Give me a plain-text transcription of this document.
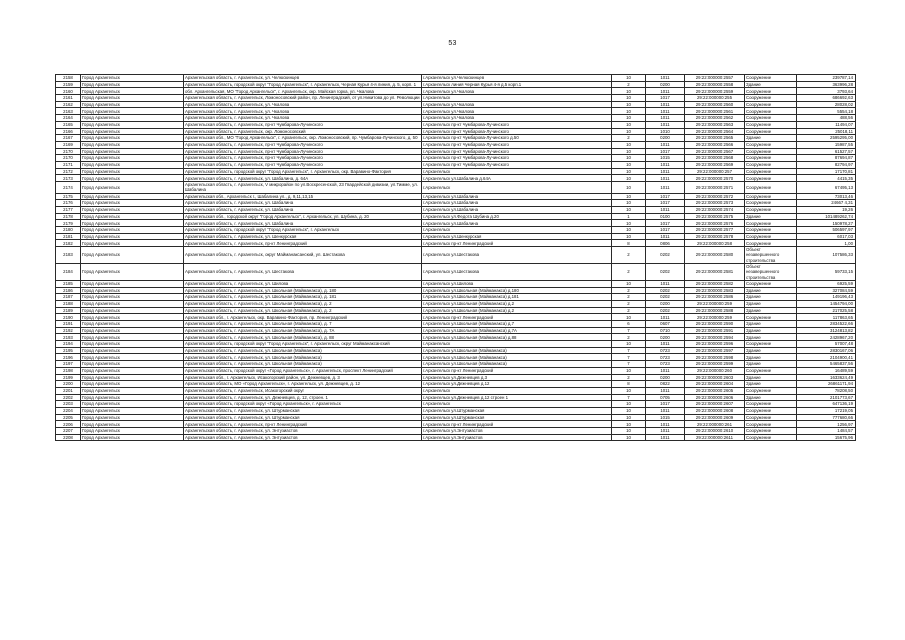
53
2158	Город Архангельск	Архангельская область, г. Архангельск, ул. Челюскинцев	г.Архангельск ул.Челюскинцев	10	1011	29:22:000000:2557	Сооружение	239787,14
2159	Город Архангельск	Архангельская область, городской округ "Город Архангельск", г. Архангельск, Черная Курья 4-я линия, д. 5, корп. 1	г.Архангельск линия Черная Курья 4-я д.5 корп.1	2	0200	29:22:000000:2558	Здание	363996,28
2160	Город Архангельск	обл. Архангельская, МО "Город Архангельск", г. Архангельск, окр. Майская горка, ул. Чкалова	г.Архангельск ул.Чкалова	10	1011	29:22:000000:2559	Сооружение	3793,64
2161	Город Архангельск	Архангельская область, г. Архангельск, Ломоносовский район, пр. Ленинградский, от ул.Никитова до ул. Революции	г.Архангельск	10	1017	29:22:000000:255	Сооружение	686692,63
2162	Город Архангельск	Архангельская область, г. Архангельск, ул. Чкалова	г.Архангельск ул.Чкалова	10	1011	29:22:000000:2560	Сооружение	28028,02
2163	Город Архангельск	Архангельская область, г. Архангельск, ул. Чкалова	г.Архангельск ул.Чкалова	10	1011	29:22:000000:2561	Сооружение	5554,18
2164	Город Архангельск	Архангельская область, г. Архангельск, ул. Чкалова	г.Архангельск ул.Чкалова	10	1011	29:22:000000:2562	Сооружение	488,56
2165	Город Архангельск	Архангельская область, г. Архангельск, пр-кт Чумбарова-Лучинского	г.Архангельск пр-кт Чумбарова-Лучинского	10	1011	29:22:000000:2563	Сооружение	11494,07
2166	Город Архангельск	Архангельская область, г. Архангельск, окр. Ломоносовский	г.Архангельск пр-кт Чумбарова-Лучинского	10	1010	29:22:000000:2564	Сооружение	25018,11
2167	Город Архангельск	Архангельская обл., МО "Город Архангельск", г. Архангельск, окр. Ломоносовский, пр. Чумбарова-Лучинского, д. 50	г.Архангельск пр-кт Чумбарова-Лучинского д.50	2	0200	29:22:000000:2565	Здание	2595295,00
2169	Город Архангельск	Архангельская область, г. Архангельск, пр-кт Чумбарова-Лучинского	г.Архангельск пр-кт Чумбарова-Лучинского	10	1011	29:22:000000:2566	Сооружение	15987,55
2170	Город Архангельск	Архангельская область, г. Архангельск, пр-кт Чумбарова-Лучинского	г.Архангельск пр-кт Чумбарова-Лучинского	10	1017	29:22:000000:2567	Сооружение	61527,57
2170	Город Архангельск	Архангельская область, г. Архангельск, пр-кт Чумбарова-Лучинского	г.Архангельск пр-кт Чумбарова-Лучинского	10	1015	29:22:000000:2568	Сооружение	87694,87
2171	Город Архангельск	Архангельская область, г. Архангельск, пр-кт Чумбарова-Лучинского	г.Архангельск пр-кт Чумбарова-Лучинского	10	1011	29:22:000000:2569	Сооружение	82794,97
2172	Город Архангельск	Архангельская область, городской округ "Город Архангельск", г. Архангельск, окр. Варавино-Фактория	г.Архангельск	10	1011	29:22:000000:257	Сооружение	17170,81
2173	Город Архангельск	Архангельская область, г. Архангельск, ул. Шабалина, д. 64А	г.Архангельск ул.Шабалина д.64А	10	1011	29:22:000000:2570	Сооружение	4415,35
2174	Город Архангельск	Архангельская область, г. Архангельск, V микрорайон по ул.Воскресенской, 23 Гвардейской дивизии, ул.Тимме, ул. Шабалина	г.Архангельск	10	1011	29:22:000000:2571	Сооружение	67495,13
2175	Город Архангельск	Архангельская обл., Архангельск г., Шабалина ул., д. 9,11,13,15	г.Архангельск ул.Шабалина	10	1017	29:22:000000:2572	Сооружение	73013,46
2176	Город Архангельск	Архангельская область, г. Архангельск, ул. Шабалина	г.Архангельск ул.Шабалина	10	1017	29:22:000000:2573	Сооружение	24667 4,31
2177	Город Архангельск	Архангельская область, г. Архангельск, ул. Шабалина	г.Архангельск ул.Шабалина	10	1011	29:22:000000:2574	Сооружение	19,26
2178	Город Архангельск	Архангельская обл., городской округ "Город Архангельск", г. Архангельск, ул. Шубина, д. 20	г.Архангельск ул.Федота Шубина д.20	1	0100	29:22:000000:2575	Здание	101489262,74
2179	Город Архангельск	Архангельская область, г. Архангельск, ул. Шабалина	г.Архангельск ул.Шабалина	10	1017	29:22:000000:2576	Сооружение	150978,27
2180	Город Архангельск	Архангельская область, городской округ "Город Архангельск", г. Архангельск	г.Архангельск	10	1017	29:22:000000:2577	Сооружение	506597,97
2181	Город Архангельск	Архангельская область, г. Архангельск, ул. Шенкурская	г.Архангельск ул.Шенкурская	10	1011	29:22:000000:2578	Сооружение	6017,03
2182	Город Архангельск	Архангельская область, г. Архангельск, пр-кт Ленинградский	г.Архангельск пр-кт Ленинградский	8	0806	29:22:000000:258	Сооружение	1,00
2183	Город Архангельск	Архангельская область, г. Архангельск, округ Майманаксанский, ул. Шестакова	г.Архангельск ул.Шестакова	2	0202	29:22:000000:2580	Объект незавершенного строительства	107586,33
2184	Город Архангельск	Архангельская область, г. Архангельск, ул. Шестакова	г.Архангельск ул.Шестакова	2	0202	29:22:000000:2581	Объект незавершенного строительства	59733,15
2185	Город Архангельск	Архангельская область, г. Архангельск, ул. Шилова	г.Архангельск ул.Шилова	10	1011	29:22:000000:2582	Сооружение	6925,59
2186	Город Архангельск	Архангельская область, г. Архангельск, ул. Школьная (Майманакса), д. 180	г.Архангельск ул.Школьная (Майманакса) д.180	2	0202	29:22:000000:2583	Здание	327084,59
2187	Город Архангельск	Архангельская область, г. Архангельск, ул. Школьная (Майманакса), д. 181	г.Архангельск ул.Школьная (Майманакса) д.181	2	0202	29:22:000000:2586	Здание	149196,43
2188	Город Архангельск	Архангельская область, г. Архангельск, ул. Школьная (Майманакса), д. 2	г.Архангельск ул.Школьная (Майманакса) д.2	2	0200	29:22:000000:259	Здание	1454794,00
2189	Город Архангельск	Архангельская область, г. Архангельск, ул. Школьная (Майманакса), д. 2	г.Архангельск ул.Школьная (Майманакса) д.2	2	0202	29:22:000000:2588	Здание	217025,58
2190	Город Архангельск	Архангельская обл., г. Архангельск, окр. Варавино-Фактория, пр. Ленинградский	г.Архангельск пр-кт Ленинградский	10	1011	29:22:000000:259	Сооружение	117863,65
2191	Город Архангельск	Архангельская область, г. Архангельск, ул. Школьная (Майманакса), д. 7	г.Архангельск ул.Школьная (Майманакса) д.7	6	0607	29:22:000000:2590	Здание	2834522,66
2192	Город Архангельск	Архангельская область, г. Архангельск, ул. Школьная (Майманакса), д. 7А	г.Архангельск ул.Школьная (Майманакса) д.7А	7	0710	29:22:000000:2591	Здание	3124813,82
2193	Город Архангельск	Архангельская область, г. Архангельск, ул. Школьная (Майманакса), д. 88	г.Архангельск ул.Школьная (Майманакса) д.88	2	0200	29:22:000000:2594	Здание	2428967,20
2194	Город Архангельск	Архангельская область, городской округ "Город Архангельск", г. Архангельск, округ Майманаксанский	г.Архангельск	10	1011	29:22:000000:2596	Сооружение	57007,48
2195	Город Архангельск	Архангельская область, г. Архангельск, ул. Школьная (Майманакса)	г.Архангельск ул.Школьная (Майманакса)	7	0723	29:22:000000:2597	Здание	2830167,06
2196	Город Архангельск	Архангельская область, г. Архангельск, ул. Школьная (Майманакса)	г.Архангельск ул.Школьная (Майманакса)	7	0723	29:22:000000:2598	Здание	2104900,41
2197	Город Архангельск	Архангельская область, г. Архангельск, ул. Школьная (Майманакса)	г.Архангельск ул.Школьная (Майманакса)	7	0723	29:22:000000:2599	Здание	5465837,56
2198	Город Архангельск	Архангельская область, городской округ «Город Архангельск», г. Архангельск, проспект Ленинградский	г.Архангельск пр-кт Ленинградский	10	1011	29:22:000000:260	Сооружение	16489,59
2199	Город Архангельск	Архангельская обл., г. Архангельск, Исакогорский район, ул. Дежневцев, д. 3	г.Архангельск ул.Дежневцев д.3	2	0200	29:22:000000:2603	Здание	1633624,49
2200	Город Архангельск	Архангельская область, МО «Город Архангельск», г. Архангельск, ул. Дежневцев, д. 12	г.Архангельск ул.Дежневцев д.12	8	0822	29:22:000000:2604	Здание	26861171,94
2201	Город Архангельск	Архангельская область, г. Архангельск, Исакогорский округ	г.Архангельск	10	1011	29:22:000000:2605	Сооружение	78208,50
2202	Город Архангельск	Архангельская область, г. Архангельск, ул. Дежневцев, д. 12, строен. 1	г.Архангельск ул.Дежневцев д.12 строен 1	7	0705	29:22:000000:2606	Здание	2101773,67
2203	Город Архангельск	Архангельская область, городской округ «Город Архангельск», г. Архангельск	г.Архангельск	10	1017	29:22:000000:2607	Сооружение	647136,19
2204	Город Архангельск	Архангельская область, г. Архангельск, ул. Штурманская	г.Архангельск ул.Штурманская	10	1011	29:22:000000:2608	Сооружение	17219,05
2205	Город Архангельск	Архангельская область, г. Архангельск, ул. Штурманская	г.Архангельск ул.Штурманская	10	1015	29:22:000000:2609	Сооружение	777680,66
2206	Город Архангельск	Архангельская область, г. Архангельск, пр-кт Ленинградский	г.Архангельск пр-кт Ленинградский	10	1011	29:22:000000:261	Сооружение	1256,97
2207	Город Архангельск	Архангельская область, г. Архангельск, ул. Энтузиастов	г.Архангельск ул.Энтузиастов	10	1011	29:22:000000:2610	Сооружение	1484,57
2208	Город Архангельск	Архангельская область, г. Архангельск, ул. Энтузиастов	г.Архангельск ул.Энтузиастов	10	1011	29:22:000000:2611	Сооружение	15675,96
